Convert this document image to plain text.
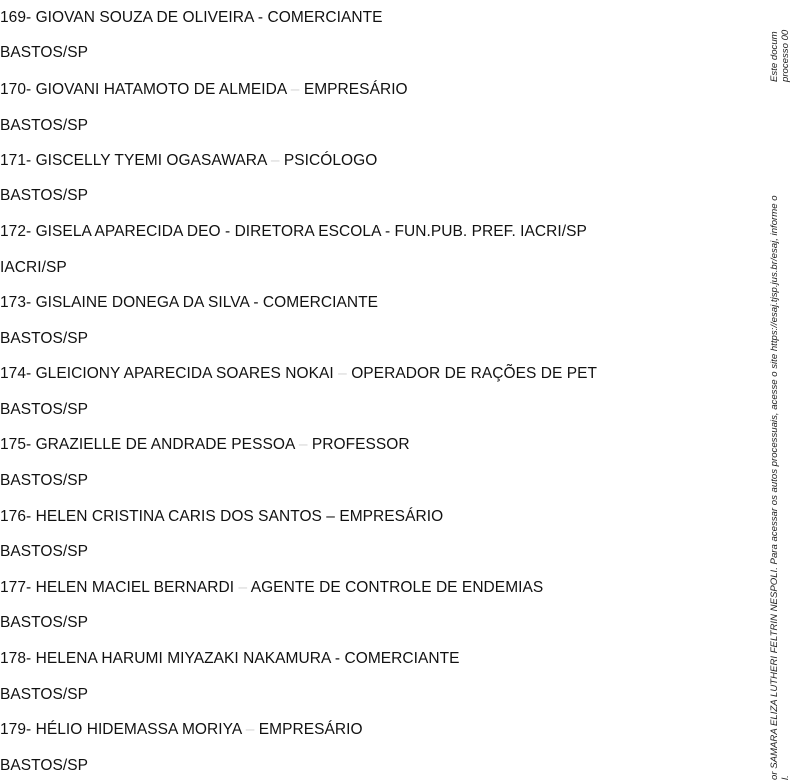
169- GIOVAN SOUZA DE OLIVEIRA - COMERCIANTE
BASTOS/SP
170- GIOVANI HATAMOTO DE ALMEIDA – EMPRESÁRIO
BASTOS/SP
171- GISCELLY TYEMI OGASAWARA – PSICÓLOGO
BASTOS/SP
172- GISELA APARECIDA DEO - DIRETORA ESCOLA - FUN.PUB. PREF. IACRI/SP
IACRI/SP
173- GISLAINE DONEGA DA SILVA - COMERCIANTE
BASTOS/SP
174- GLEICIONY APARECIDA SOARES NOKAI – OPERADOR DE RAÇÕES DE PET
BASTOS/SP
175- GRAZIELLE DE ANDRADE PESSOA – PROFESSOR
BASTOS/SP
176- HELEN CRISTINA CARIS DOS SANTOS – EMPRESÁRIO
BASTOS/SP
177- HELEN MACIEL BERNARDI – AGENTE DE CONTROLE DE ENDEMIAS
BASTOS/SP
178- HELENA HARUMI MIYAZAKI NAKAMURA - COMERCIANTE
BASTOS/SP
179- HÉLIO HIDEMASSA MORIYA – EMPRESÁRIO
BASTOS/SP	or SAMARA ELIZA LUTHERI FELTRIN NESPOLI. Para acessar os autos processuais, acesse o site https://esaj.tjsp.jus.br/esaj, informe o l.
Este docum processo 00
